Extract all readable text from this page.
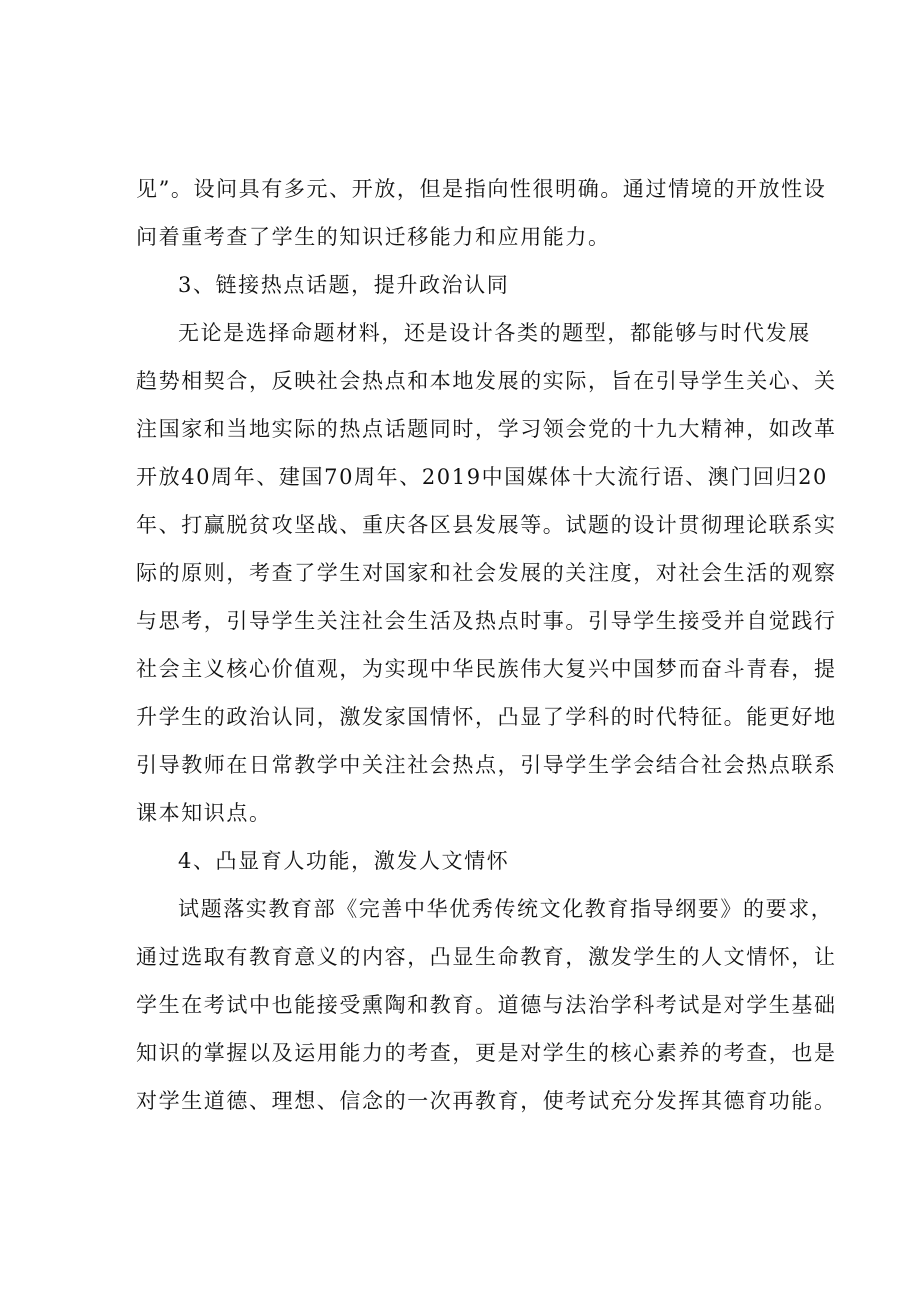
见”。设问具有多元、开放，但是指向性很明确。通过情境的开放性设
问着重考查了学生的知识迁移能力和应用能力。
3、链接热点话题，提升政治认同
无论是选择命题材料，还是设计各类的题型，都能够与时代发展
趋势相契合，反映社会热点和本地发展的实际，旨在引导学生关心、关
注国家和当地实际的热点话题同时，学习领会党的十九大精神，如改革
开放40周年、建国70周年、2019中国媒体十大流行语、澳门回归20
年、打赢脱贫攻坚战、重庆各区县发展等。试题的设计贯彻理论联系实
际的原则，考查了学生对国家和社会发展的关注度，对社会生活的观察
与思考，引导学生关注社会生活及热点时事。引导学生接受并自觉践行
社会主义核心价值观，为实现中华民族伟大复兴中国梦而奋斗青春，提
升学生的政治认同，激发家国情怀，凸显了学科的时代特征。能更好地
引导教师在日常教学中关注社会热点，引导学生学会结合社会热点联系
课本知识点。
4、凸显育人功能，激发人文情怀
试题落实教育部《完善中华优秀传统文化教育指导纲要》的要求，
通过选取有教育意义的内容，凸显生命教育，激发学生的人文情怀，让
学生在考试中也能接受熏陶和教育。道德与法治学科考试是对学生基础
知识的掌握以及运用能力的考查，更是对学生的核心素养的考查，也是
对学生道德、理想、信念的一次再教育，使考试充分发挥其德育功能。
